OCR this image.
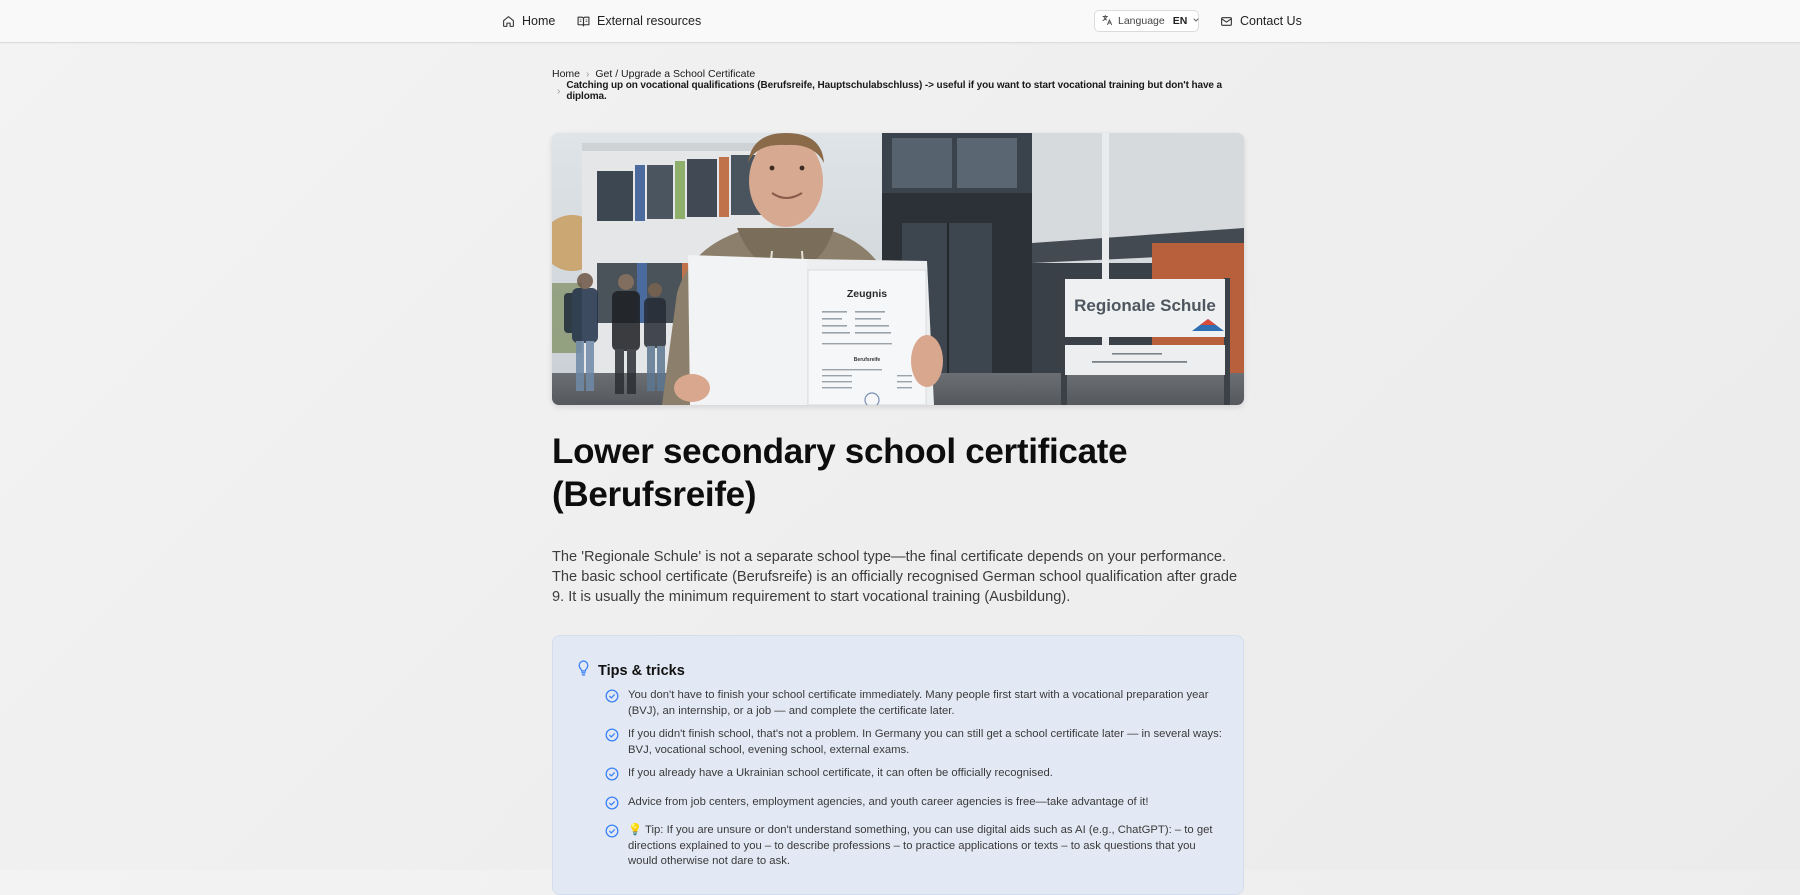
Home	External resources	Language EN	Contact Us
Home › Get / Upgrade a School Certificate
› Catching up on vocational qualifications (Berufsreife, Hauptschulabschluss) -> useful if you want to start vocational training but don't have a diploma.
Zeugnis
Berufsreife
Regionale Schule
Lower secondary school certificate (Berufsreife)

The 'Regionale Schule' is not a separate school type—the final certificate depends on your performance. The basic school certificate (Berufsreife) is an officially recognised German school qualification after grade 9. It is usually the minimum requirement to start vocational training (Ausbildung).

Tips & tricks
You don't have to finish your school certificate immediately. Many people first start with a vocational preparation year (BVJ), an internship, or a job — and complete the certificate later.
If you didn't finish school, that's not a problem. In Germany you can still get a school certificate later — in several ways: BVJ, vocational school, evening school, external exams.
If you already have a Ukrainian school certificate, it can often be officially recognised.
Advice from job centers, employment agencies, and youth career agencies is free—take advantage of it!
💡 Tip: If you are unsure or don't understand something, you can use digital aids such as AI (e.g., ChatGPT): – to get directions explained to you – to describe professions – to practice applications or texts – to ask questions that you would otherwise not dare to ask.
